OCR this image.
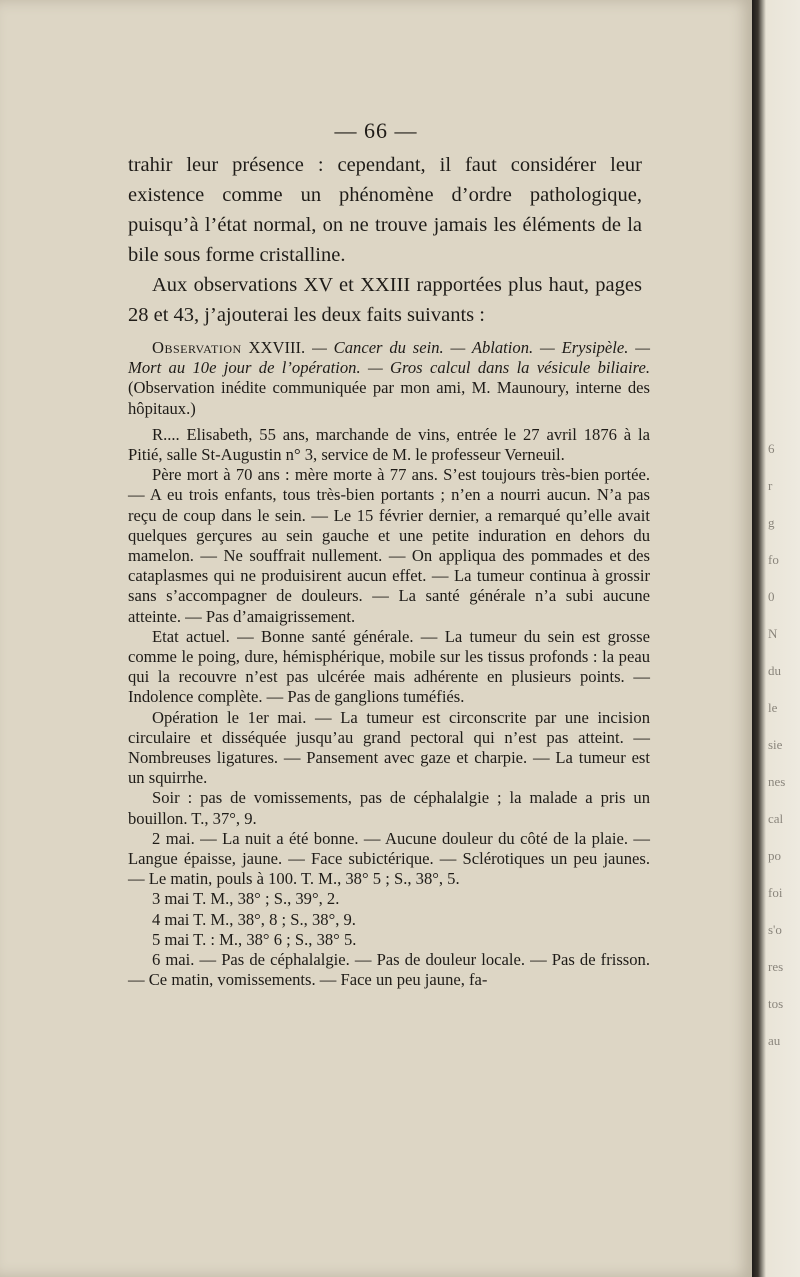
6
r
g
fo
0
N
du
le
sie
nes
cal
po
foi
s'o
res
tos
au
— 66 —

trahir leur présence : cependant, il faut considérer leur existence comme un phénomène d’ordre pathologique, puisqu’à l’état normal, on ne trouve jamais les éléments de la bile sous forme cristalline.

Aux observations XV et XXIII rapportées plus haut, pages 28 et 43, j’ajouterai les deux faits suivants :

Observation XXVIII. — Cancer du sein. — Ablation. — Erysipèle. — Mort au 10e jour de l’opération. — Gros calcul dans la vésicule biliaire. (Observation inédite communiquée par mon ami, M. Maunoury, interne des hôpitaux.)

R.... Elisabeth, 55 ans, marchande de vins, entrée le 27 avril 1876 à la Pitié, salle St-Augustin n° 3, service de M. le professeur Verneuil.

Père mort à 70 ans : mère morte à 77 ans. S’est toujours très-bien portée. — A eu trois enfants, tous très-bien portants ; n’en a nourri aucun. N’a pas reçu de coup dans le sein. — Le 15 février dernier, a remarqué qu’elle avait quelques gerçures au sein gauche et une petite induration en dehors du mamelon. — Ne souffrait nullement. — On appliqua des pommades et des cataplasmes qui ne produisirent aucun effet. — La tumeur continua à grossir sans s’accompagner de douleurs. — La santé générale n’a subi aucune atteinte. — Pas d’amaigrissement.

Etat actuel. — Bonne santé générale. — La tumeur du sein est grosse comme le poing, dure, hémisphérique, mobile sur les tissus profonds : la peau qui la recouvre n’est pas ulcérée mais adhérente en plusieurs points. — Indolence complète. — Pas de ganglions tuméfiés.

Opération le 1er mai. — La tumeur est circonscrite par une incision circulaire et disséquée jusqu’au grand pectoral qui n’est pas atteint. — Nombreuses ligatures. — Pansement avec gaze et charpie. — La tumeur est un squirrhe.

Soir : pas de vomissements, pas de céphalalgie ; la malade a pris un bouillon. T., 37°, 9.

2 mai. — La nuit a été bonne. — Aucune douleur du côté de la plaie. — Langue épaisse, jaune. — Face subictérique. — Sclérotiques un peu jaunes. — Le matin, pouls à 100. T. M., 38° 5 ; S., 38°, 5.

3 mai T. M., 38° ; S., 39°, 2.

4 mai T. M., 38°, 8 ; S., 38°, 9.

5 mai T. : M., 38° 6 ; S., 38° 5.

6 mai. — Pas de céphalalgie. — Pas de douleur locale. — Pas de frisson. — Ce matin, vomissements. — Face un peu jaune, fa-
